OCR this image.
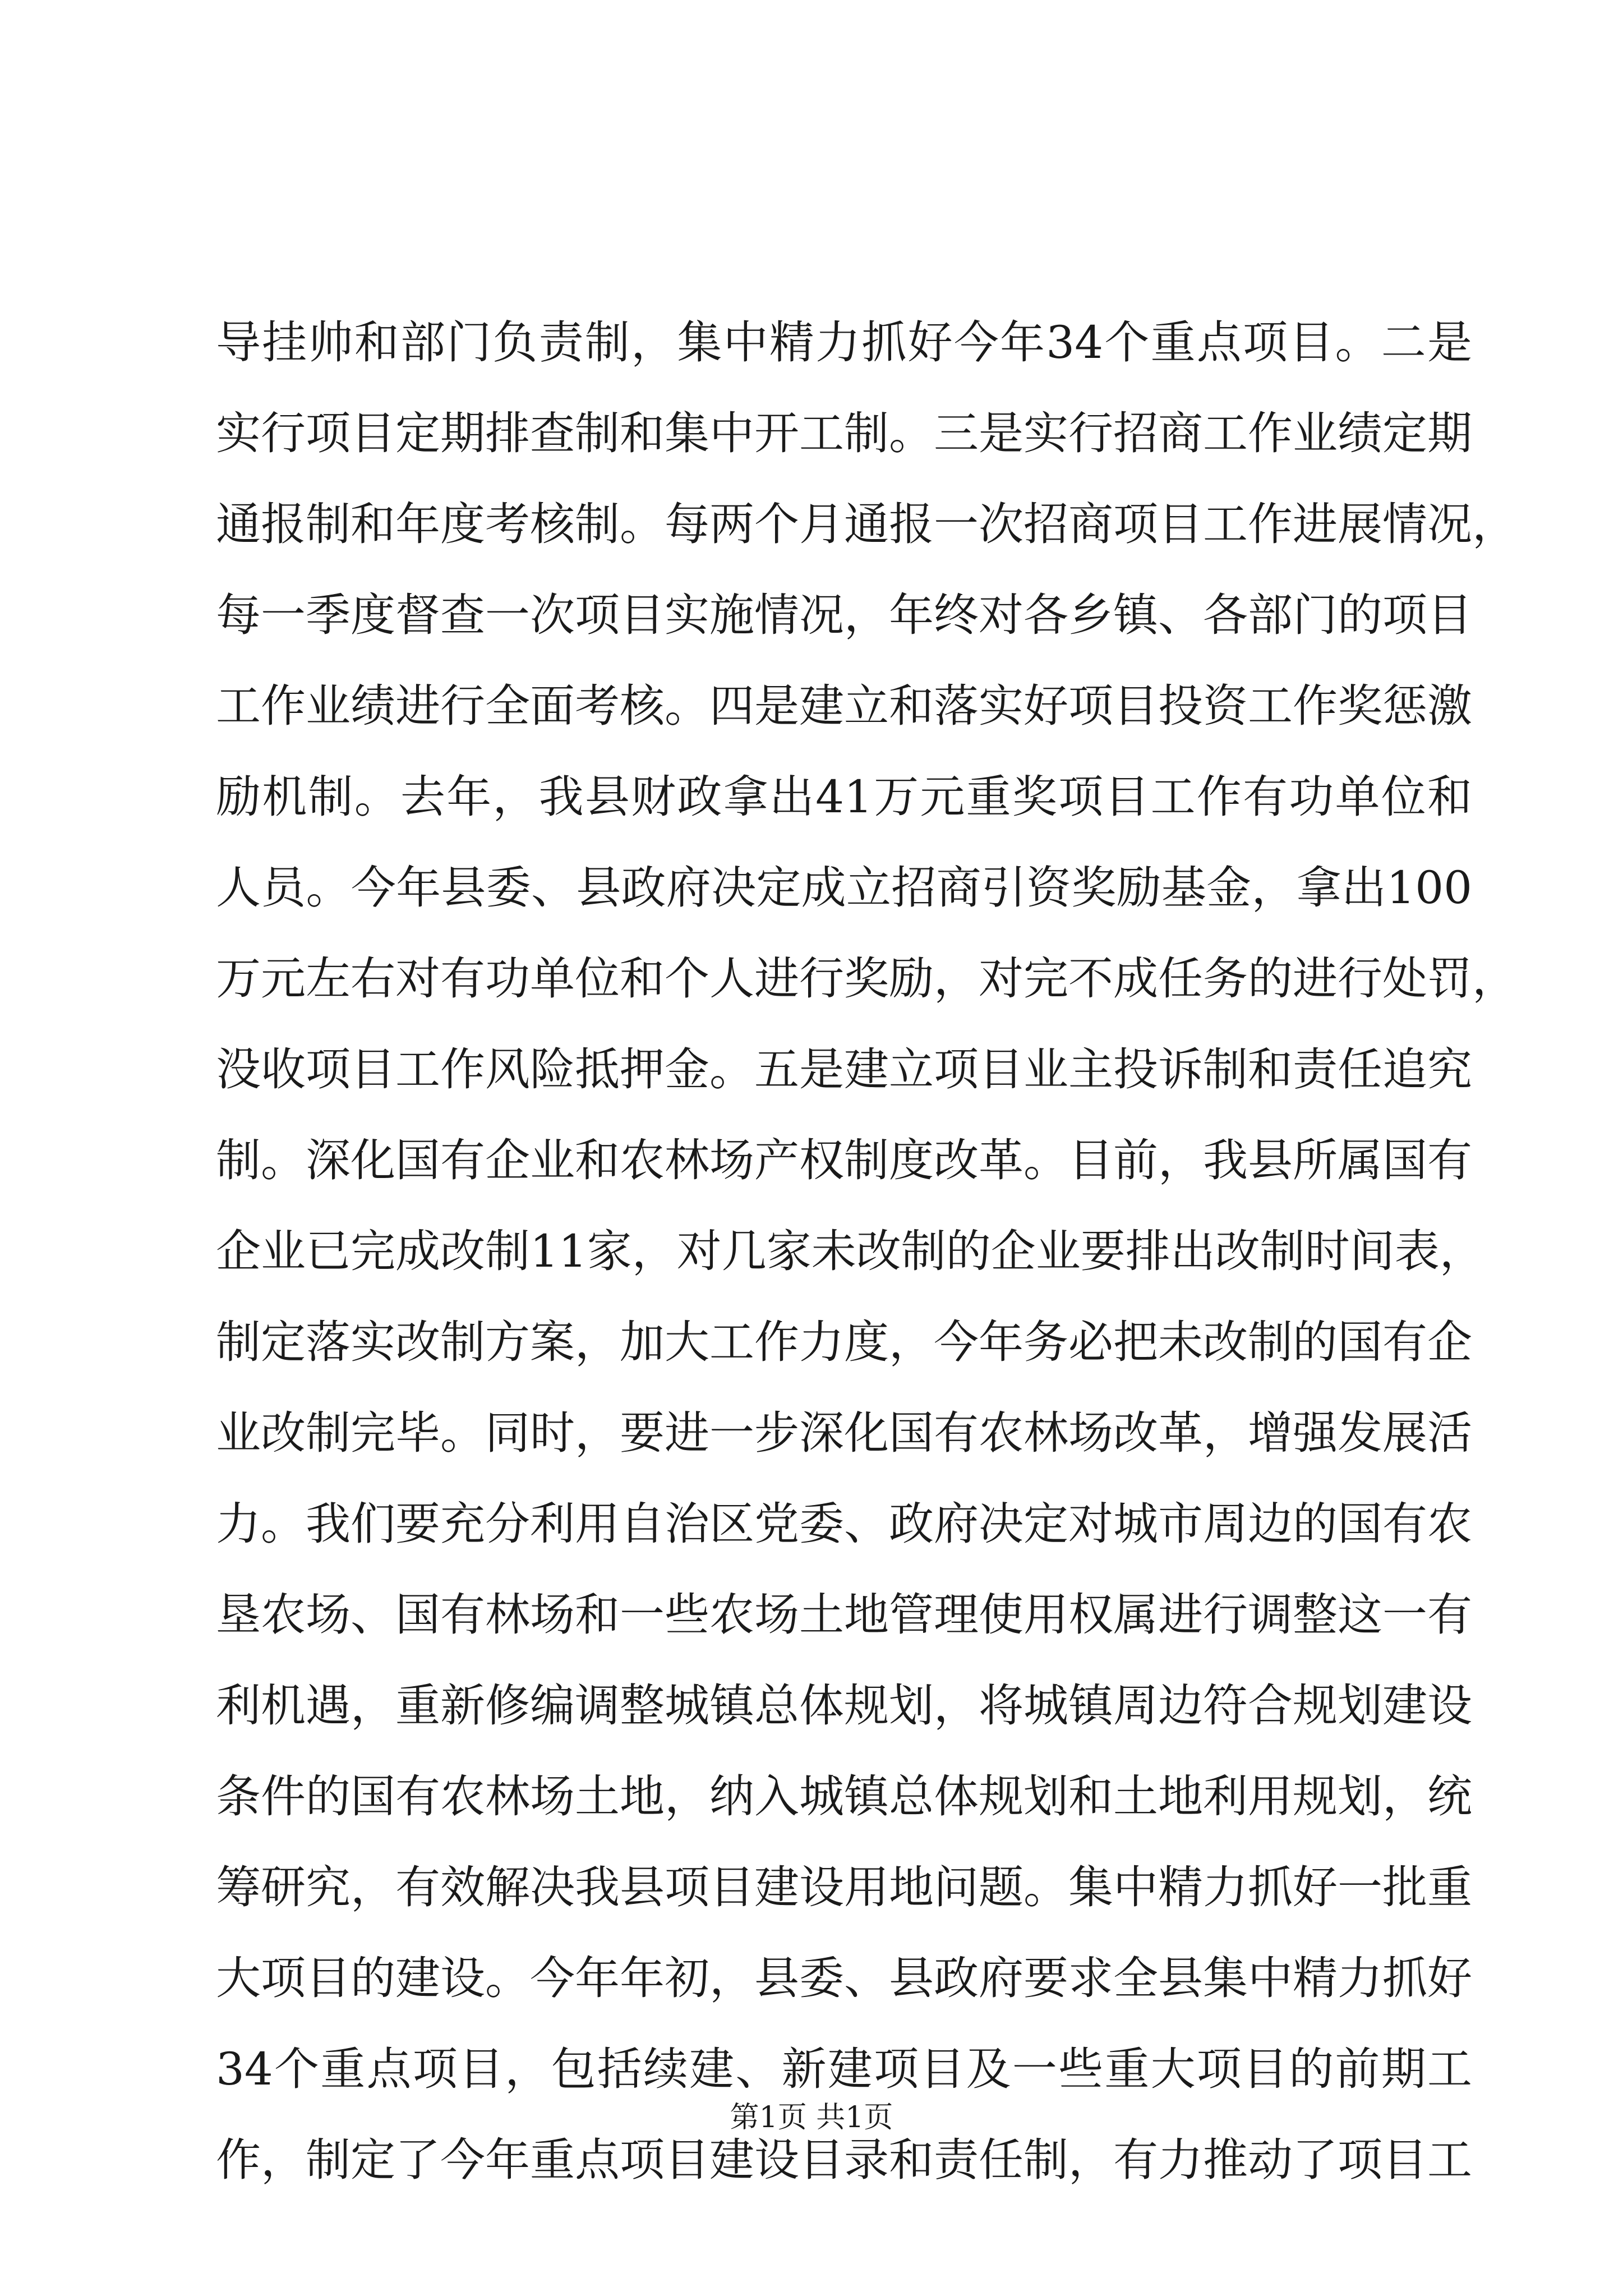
导挂帅和部门负责制，集中精力抓好今年34个重点项目。二是
实行项目定期排查制和集中开工制。三是实行招商工作业绩定期
通报制和年度考核制。每两个月通报一次招商项目工作进展情况，
每一季度督查一次项目实施情况，年终对各乡镇、各部门的项目
工作业绩进行全面考核。四是建立和落实好项目投资工作奖惩激
励机制。去年，我县财政拿出41万元重奖项目工作有功单位和
人员。今年县委、县政府决定成立招商引资奖励基金，拿出100
万元左右对有功单位和个人进行奖励，对完不成任务的进行处罚，
没收项目工作风险抵押金。五是建立项目业主投诉制和责任追究
制。深化国有企业和农林场产权制度改革。目前，我县所属国有
企业已完成改制11家，对几家未改制的企业要排出改制时间表，
制定落实改制方案，加大工作力度，今年务必把未改制的国有企
业改制完毕。同时，要进一步深化国有农林场改革，增强发展活
力。我们要充分利用自治区党委、政府决定对城市周边的国有农
垦农场、国有林场和一些农场土地管理使用权属进行调整这一有
利机遇，重新修编调整城镇总体规划，将城镇周边符合规划建设
条件的国有农林场土地，纳入城镇总体规划和土地利用规划，统
筹研究，有效解决我县项目建设用地问题。集中精力抓好一批重
大项目的建设。今年年初，县委、县政府要求全县集中精力抓好
34个重点项目，包括续建、新建项目及一些重大项目的前期工
作，制定了今年重点项目建设目录和责任制，有力推动了项目工
第1页 共1页
